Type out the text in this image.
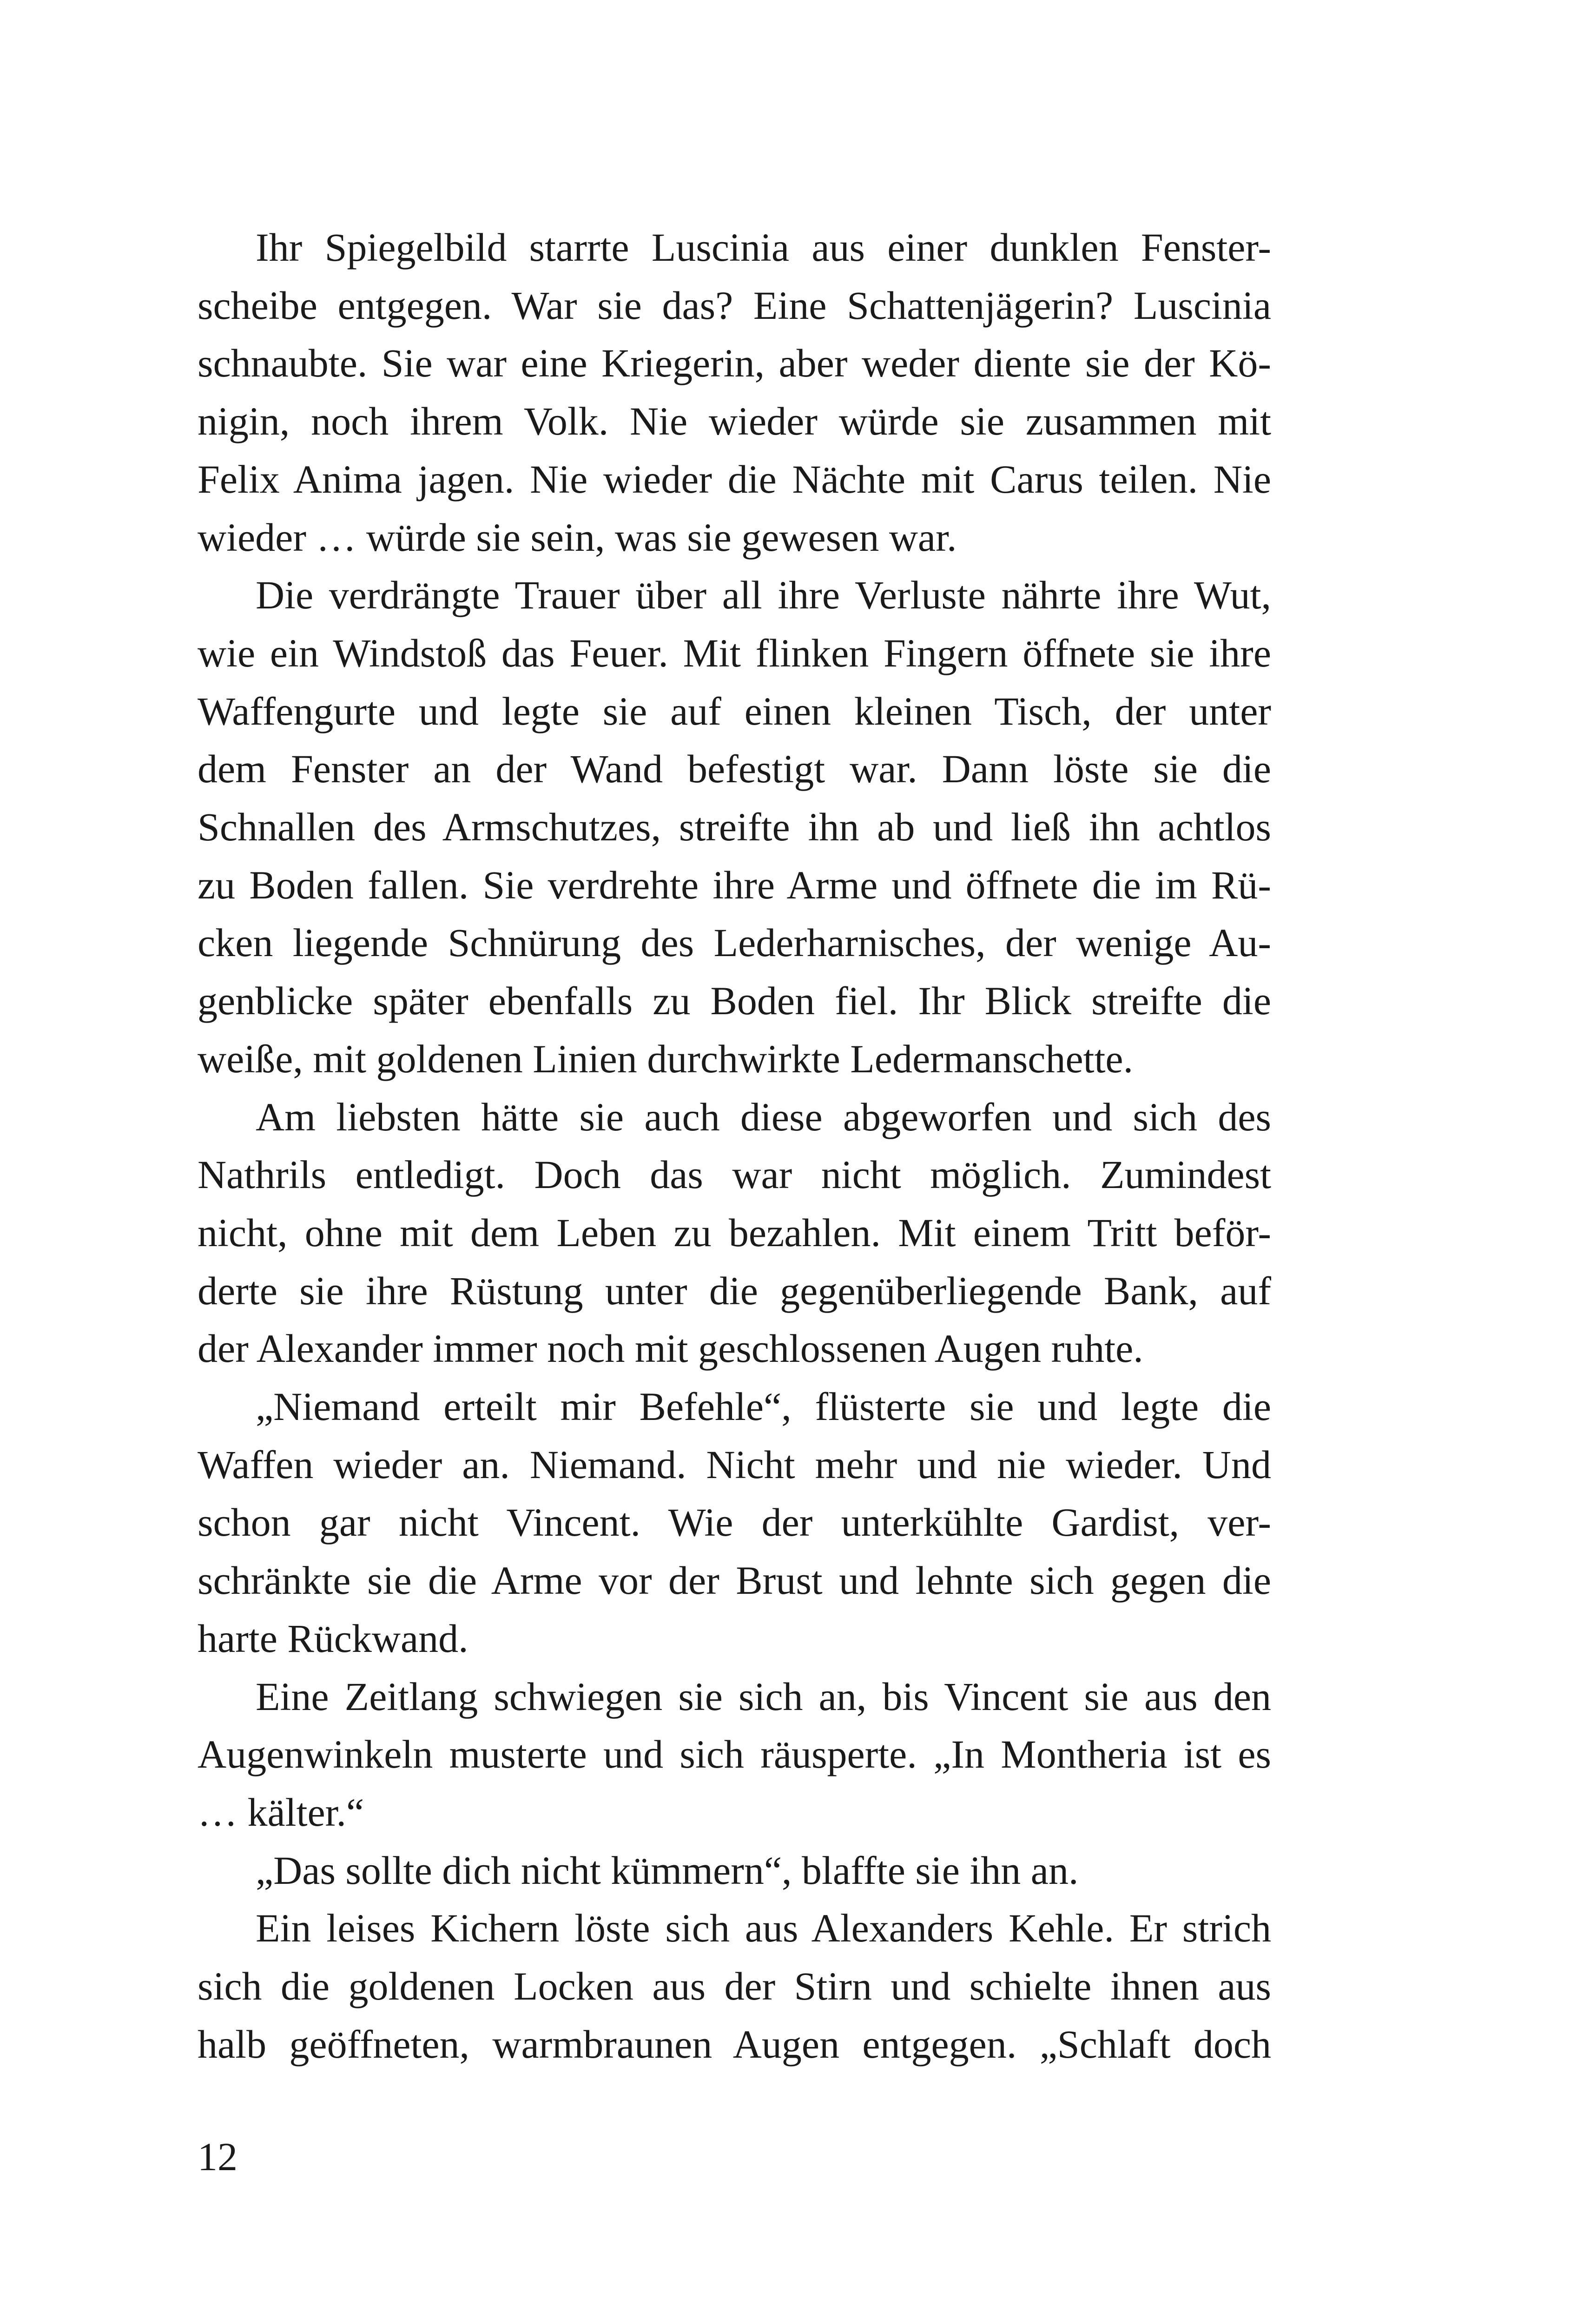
Ihr Spiegelbild starrte Luscinia aus einer dunklen Fenster-
scheibe entgegen. War sie das? Eine Schattenjägerin? Luscinia
schnaubte. Sie war eine Kriegerin, aber weder diente sie der Kö-
nigin, noch ihrem Volk. Nie wieder würde sie zusammen mit
Felix Anima jagen. Nie wieder die Nächte mit Carus teilen. Nie
wieder … würde sie sein, was sie gewesen war.
Die verdrängte Trauer über all ihre Verluste nährte ihre Wut,
wie ein Windstoß das Feuer. Mit flinken Fingern öffnete sie ihre
Waffengurte und legte sie auf einen kleinen Tisch, der unter
dem Fenster an der Wand befestigt war. Dann löste sie die
Schnallen des Armschutzes, streifte ihn ab und ließ ihn achtlos
zu Boden fallen. Sie verdrehte ihre Arme und öffnete die im Rü-
cken liegende Schnürung des Lederharnisches, der wenige Au-
genblicke später ebenfalls zu Boden fiel. Ihr Blick streifte die
weiße, mit goldenen Linien durchwirkte Ledermanschette.
Am liebsten hätte sie auch diese abgeworfen und sich des
Nathrils entledigt. Doch das war nicht möglich. Zumindest
nicht, ohne mit dem Leben zu bezahlen. Mit einem Tritt beför-
derte sie ihre Rüstung unter die gegenüberliegende Bank, auf
der Alexander immer noch mit geschlossenen Augen ruhte.
„Niemand erteilt mir Befehle“, flüsterte sie und legte die
Waffen wieder an. Niemand. Nicht mehr und nie wieder. Und
schon gar nicht Vincent. Wie der unterkühlte Gardist, ver-
schränkte sie die Arme vor der Brust und lehnte sich gegen die
harte Rückwand.
Eine Zeitlang schwiegen sie sich an, bis Vincent sie aus den
Augenwinkeln musterte und sich räusperte. „In Montheria ist es
… kälter.“
„Das sollte dich nicht kümmern“, blaffte sie ihn an.
Ein leises Kichern löste sich aus Alexanders Kehle. Er strich
sich die goldenen Locken aus der Stirn und schielte ihnen aus
halb geöffneten, warmbraunen Augen entgegen. „Schlaft doch
12
